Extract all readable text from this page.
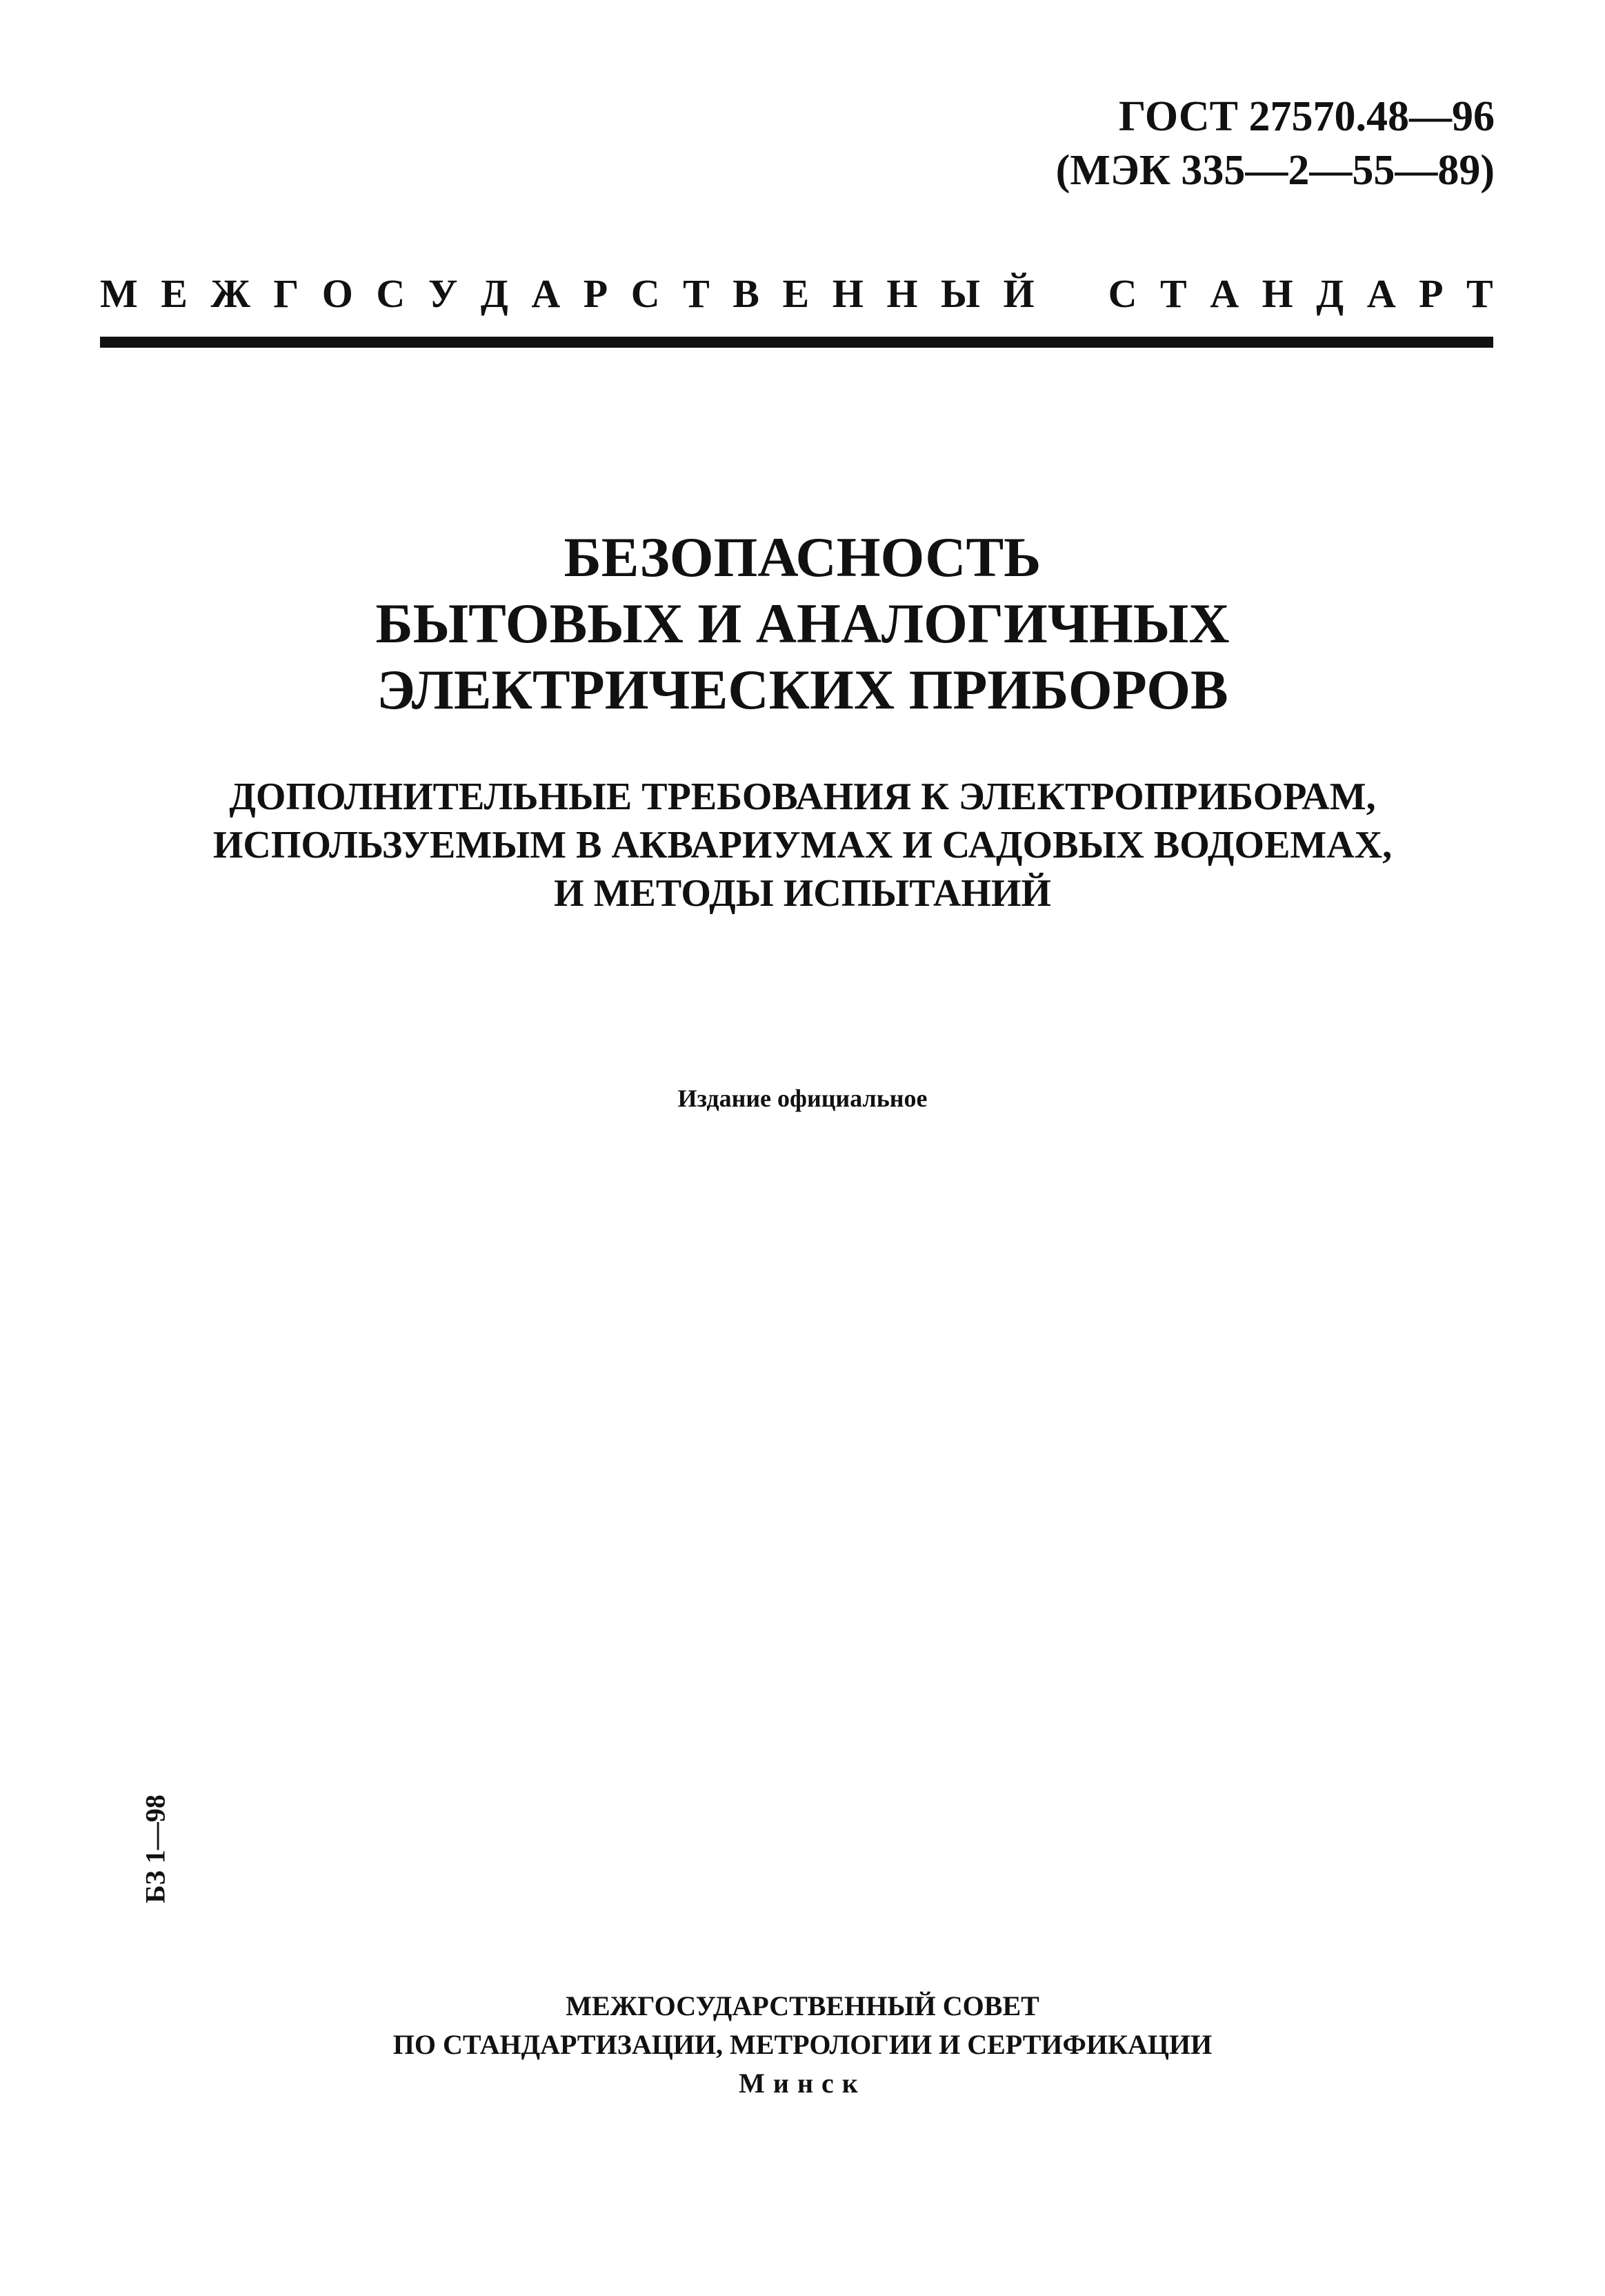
ГОСТ 27570.48—96
(МЭК 335—2—55—89)
М Е Ж Г О С У Д А Р С Т В Е Н Н Ы Й С Т А Н Д А Р Т
БЕЗОПАСНОСТЬ
БЫТОВЫХ И АНАЛОГИЧНЫХ
ЭЛЕКТРИЧЕСКИХ ПРИБОРОВ
ДОПОЛНИТЕЛЬНЫЕ ТРЕБОВАНИЯ К ЭЛЕКТРОПРИБОРАМ,
ИСПОЛЬЗУЕМЫМ В АКВАРИУМАХ И САДОВЫХ ВОДОЕМАХ,
И МЕТОДЫ ИСПЫТАНИЙ
Издание официальное
БЗ 1—98
МЕЖГОСУДАРСТВЕННЫЙ СОВЕТ
ПО СТАНДАРТИЗАЦИИ, МЕТРОЛОГИИ И СЕРТИФИКАЦИИ
Минск
